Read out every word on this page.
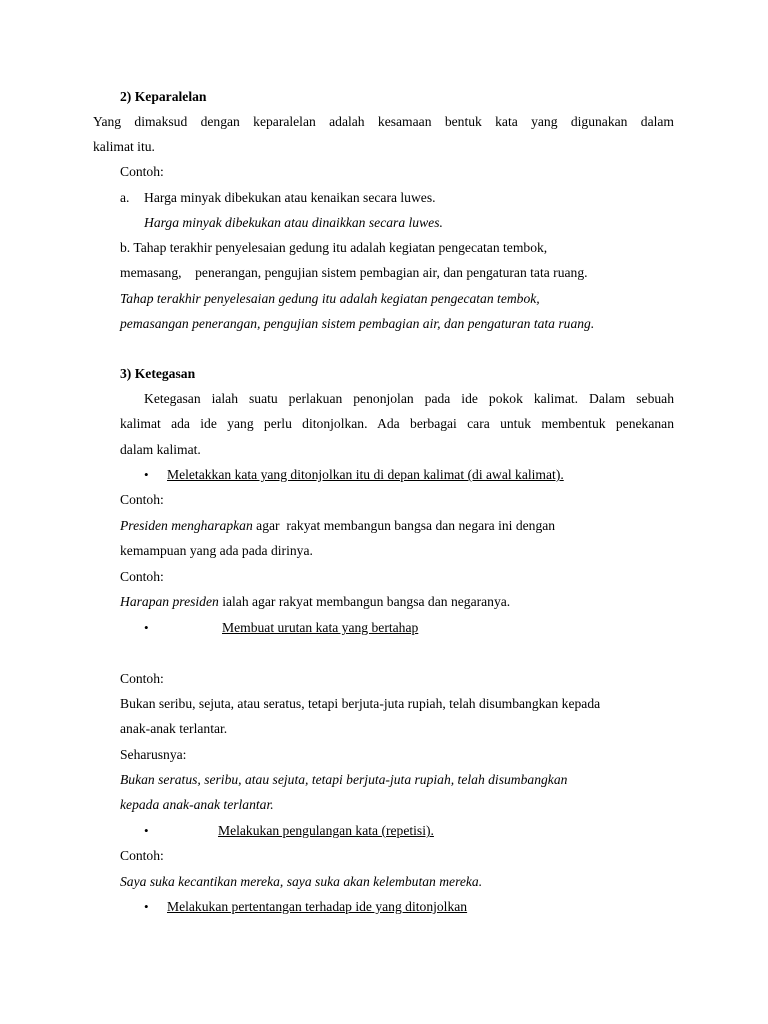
2) Keparalelan
Yang dimaksud dengan keparalelan adalah kesamaan bentuk kata yang digunakan dalam
kalimat itu.
Contoh:
a. Harga minyak dibekukan atau kenaikan secara luwes.
Harga minyak dibekukan atau dinaikkan secara luwes.
b. Tahap terakhir penyelesaian gedung itu adalah kegiatan pengecatan tembok,
memasang,    penerangan, pengujian sistem pembagian air, dan pengaturan tata ruang.
Tahap terakhir penyelesaian gedung itu adalah kegiatan pengecatan tembok,
pemasangan penerangan, pengujian sistem pembagian air, dan pengaturan tata ruang.
3) Ketegasan
Ketegasan ialah suatu perlakuan penonjolan pada ide pokok kalimat. Dalam sebuah
kalimat ada ide yang perlu ditonjolkan. Ada berbagai cara untuk membentuk penekanan
dalam kalimat.
• Meletakkan kata yang ditonjolkan itu di depan kalimat (di awal kalimat).
Contoh:
Presiden mengharapkan agar  rakyat membangun bangsa dan negara ini dengan
kemampuan yang ada pada dirinya.
Contoh:
Harapan presiden ialah agar rakyat membangun bangsa dan negaranya.
•	Membuat urutan kata yang bertahap
Contoh:
Bukan seribu, sejuta, atau seratus, tetapi berjuta-juta rupiah, telah disumbangkan kepada
anak-anak terlantar.
Seharusnya:
Bukan seratus, seribu, atau sejuta, tetapi berjuta-juta rupiah, telah disumbangkan
kepada anak-anak terlantar.
•	Melakukan pengulangan kata (repetisi).
Contoh:
Saya suka kecantikan mereka, saya suka akan kelembutan mereka.
• Melakukan pertentangan terhadap ide yang ditonjolkan
